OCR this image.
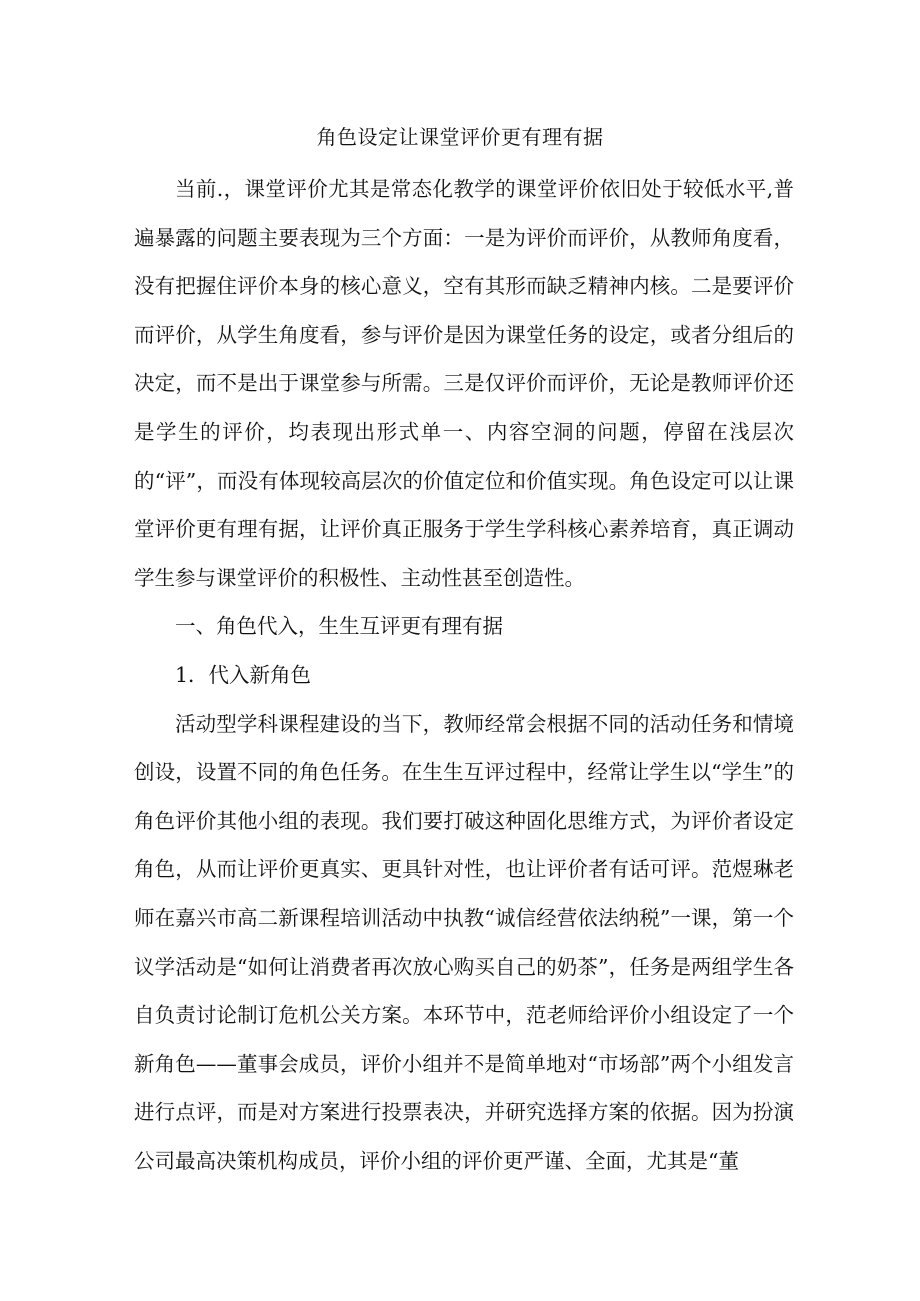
角色设定让课堂评价更有理有据

当前.，课堂评价尤其是常态化教学的课堂评价依旧处于较低水平,普遍暴露的问题主要表现为三个方面：一是为评价而评价，从教师角度看，没有把握住评价本身的核心意义，空有其形而缺乏精神内核。二是要评价而评价，从学生角度看，参与评价是因为课堂任务的设定，或者分组后的决定，而不是出于课堂参与所需。三是仅评价而评价，无论是教师评价还是学生的评价，均表现出形式单一、内容空洞的问题，停留在浅层次的“评”，而没有体现较高层次的价值定位和价值实现。角色设定可以让课堂评价更有理有据，让评价真正服务于学生学科核心素养培育，真正调动学生参与课堂评价的积极性、主动性甚至创造性。

一、角色代入，生生互评更有理有据

1．代入新角色

活动型学科课程建设的当下，教师经常会根据不同的活动任务和情境创设，设置不同的角色任务。在生生互评过程中，经常让学生以“学生”的角色评价其他小组的表现。我们要打破这种固化思维方式，为评价者设定角色，从而让评价更真实、更具针对性，也让评价者有话可评。范煜琳老师在嘉兴市高二新课程培训活动中执教“诚信经营依法纳税”一课，第一个议学活动是“如何让消费者再次放心购买自己的奶茶”，任务是两组学生各自负责讨论制订危机公关方案。本环节中，范老师给评价小组设定了一个新角色——董事会成员，评价小组并不是简单地对“市场部”两个小组发言进行点评，而是对方案进行投票表决，并研究选择方案的依据。因为扮演公司最高决策机构成员，评价小组的评价更严谨、全面，尤其是“董
